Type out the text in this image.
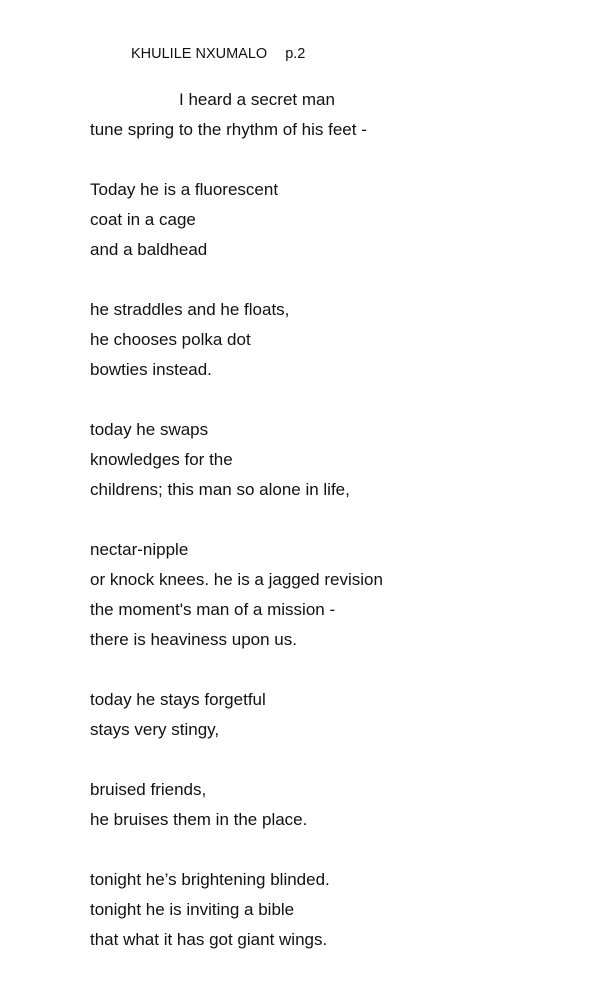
KHULILE NXUMALO p.2
I heard a secret man
tune spring to the rhythm of his feet -
Today he is a fluorescent
coat in a cage
and a baldhead
he straddles and he floats,
he chooses polka dot
bowties instead.
today he swaps
knowledges for the
childrens; this man so alone in life,
nectar-nipple
or knock knees. he is a jagged revision
the moment's man of a mission -
there is heaviness upon us.
today he stays forgetful
stays very stingy,
bruised friends,
he bruises them in the place.
tonight he’s brightening blinded.
tonight he is inviting a bible
that what it has got giant wings.
